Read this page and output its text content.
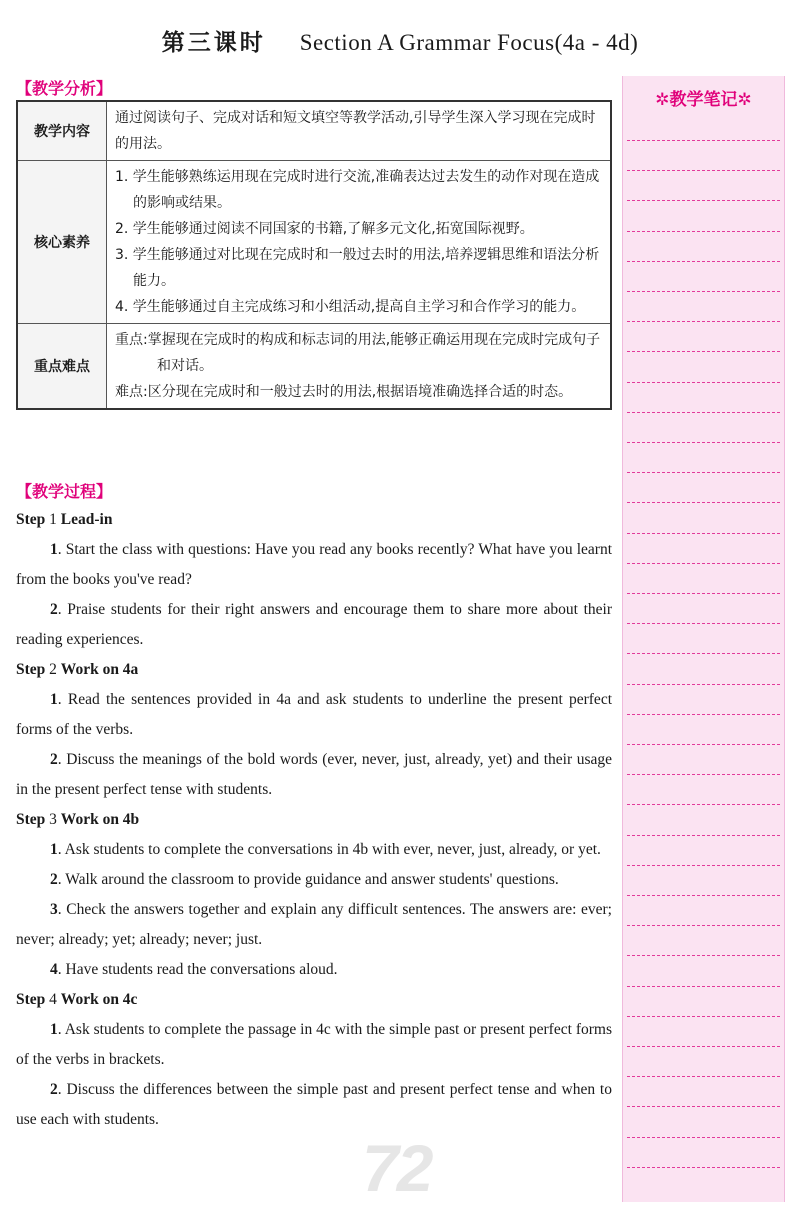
第三课时 Section A Grammar Focus(4a - 4d)
【教学分析】
教学内容	通过阅读句子、完成对话和短文填空等教学活动,引导学生深入学习现在完成时的用法。

核心素养	1. 学生能够熟练运用现在完成时进行交流,准确表达过去发生的动作对现在造成的影响或结果。
2. 学生能够通过阅读不同国家的书籍,了解多元文化,拓宽国际视野。
3. 学生能够通过对比现在完成时和一般过去时的用法,培养逻辑思维和语法分析能力。
4. 学生能够通过自主完成练习和小组活动,提高自主学习和合作学习的能力。

重点难点	重点:掌握现在完成时的构成和标志词的用法,能够正确运用现在完成时完成句子和对话。
难点:区分现在完成时和一般过去时的用法,根据语境准确选择合适的时态。
✲教学笔记✲
【教学过程】
Step 1 Lead-in
1. Start the class with questions: Have you read any books recently? What have you learnt from the books you've read?
2. Praise students for their right answers and encourage them to share more about their reading experiences.
Step 2 Work on 4a
1. Read the sentences provided in 4a and ask students to underline the present perfect forms of the verbs.
2. Discuss the meanings of the bold words (ever, never, just, already, yet) and their usage in the present perfect tense with students.
Step 3 Work on 4b
1. Ask students to complete the conversations in 4b with ever, never, just, already, or yet.
2. Walk around the classroom to provide guidance and answer students' questions.
3. Check the answers together and explain any difficult sentences. The answers are: ever; never; already; yet; already; never; just.
4. Have students read the conversations aloud.
Step 4 Work on 4c
1. Ask students to complete the passage in 4c with the simple past or present perfect forms of the verbs in brackets.
2. Discuss the differences between the simple past and present perfect tense and when to use each with students.
72
